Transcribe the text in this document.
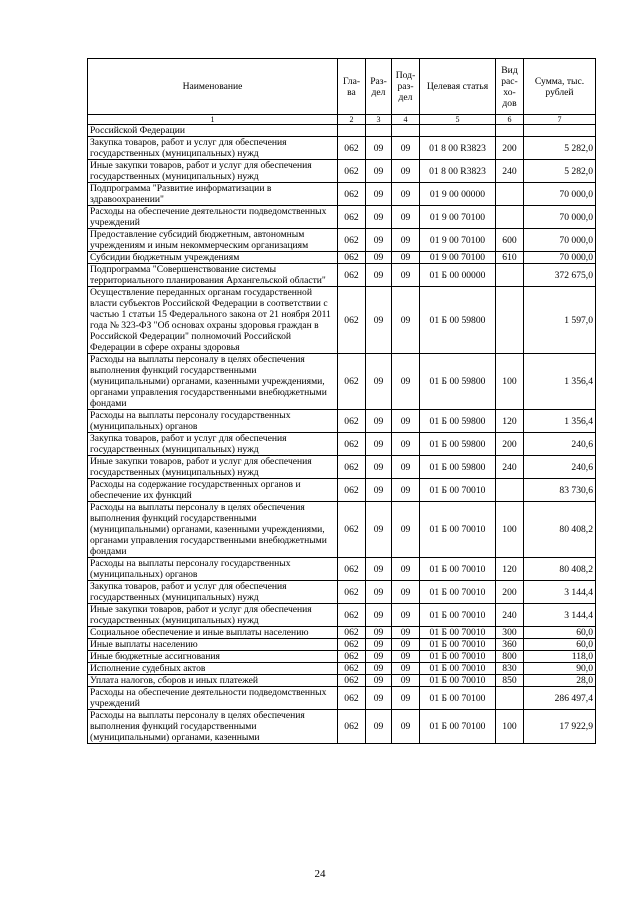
Наименование	Гла-ва	Раз-дел	Под-раз-дел	Целевая статья	Вид рас-хо-дов	Сумма, тыс. рублей
1	2	3	4	5	6	7
Российской Федерации						
Закупка товаров, работ и услуг для обеспечения государственных (муниципальных) нужд	062	09	09	01 8 00 R3823	200	5 282,0
Иные закупки товаров, работ и услуг для обеспечения государственных (муниципальных) нужд	062	09	09	01 8 00 R3823	240	5 282,0
Подпрограмма "Развитие информатизации в здравоохранении"	062	09	09	01 9 00 00000		70 000,0
Расходы на обеспечение деятельности подведомственных учреждений	062	09	09	01 9 00 70100		70 000,0
Предоставление субсидий бюджетным, автономным учреждениям и иным некоммерческим организациям	062	09	09	01 9 00 70100	600	70 000,0
Субсидии бюджетным учреждениям	062	09	09	01 9 00 70100	610	70 000,0
Подпрограмма "Совершенствование системы территориального планирования Архангельской области"	062	09	09	01 Б 00 00000		372 675,0
Осуществление переданных органам государственной власти субъектов Российской Федерации в соответствии с частью 1 статьи 15 Федерального закона от 21 ноября 2011 года № 323-ФЗ "Об основах охраны здоровья граждан в Российской Федерации" полномочий Российской Федерации в сфере охраны здоровья	062	09	09	01 Б 00 59800		1 597,0
Расходы на выплаты персоналу в целях обеспечения выполнения функций государственными (муниципальными) органами, казенными учреждениями, органами управления государственными внебюджетными фондами	062	09	09	01 Б 00 59800	100	1 356,4
Расходы на выплаты персоналу государственных (муниципальных) органов	062	09	09	01 Б 00 59800	120	1 356,4
Закупка товаров, работ и услуг для обеспечения государственных (муниципальных) нужд	062	09	09	01 Б 00 59800	200	240,6
Иные закупки товаров, работ и услуг для обеспечения государственных (муниципальных) нужд	062	09	09	01 Б 00 59800	240	240,6
Расходы на содержание государственных органов и обеспечение их функций	062	09	09	01 Б 00 70010		83 730,6
Расходы на выплаты персоналу в целях обеспечения выполнения функций государственными (муниципальными) органами, казенными учреждениями, органами управления государственными внебюджетными фондами	062	09	09	01 Б 00 70010	100	80 408,2
Расходы на выплаты персоналу государственных (муниципальных) органов	062	09	09	01 Б 00 70010	120	80 408,2
Закупка товаров, работ и услуг для обеспечения государственных (муниципальных) нужд	062	09	09	01 Б 00 70010	200	3 144,4
Иные закупки товаров, работ и услуг для обеспечения государственных (муниципальных) нужд	062	09	09	01 Б 00 70010	240	3 144,4
Социальное обеспечение и иные выплаты населению	062	09	09	01 Б 00 70010	300	60,0
Иные выплаты населению	062	09	09	01 Б 00 70010	360	60,0
Иные бюджетные ассигнования	062	09	09	01 Б 00 70010	800	118,0
Исполнение судебных актов	062	09	09	01 Б 00 70010	830	90,0
Уплата налогов, сборов и иных платежей	062	09	09	01 Б 00 70010	850	28,0
Расходы на обеспечение деятельности подведомственных учреждений	062	09	09	01 Б 00 70100		286 497,4
Расходы на выплаты персоналу в целях обеспечения выполнения функций государственными (муниципальными) органами, казенными	062	09	09	01 Б 00 70100	100	17 922,9
24
